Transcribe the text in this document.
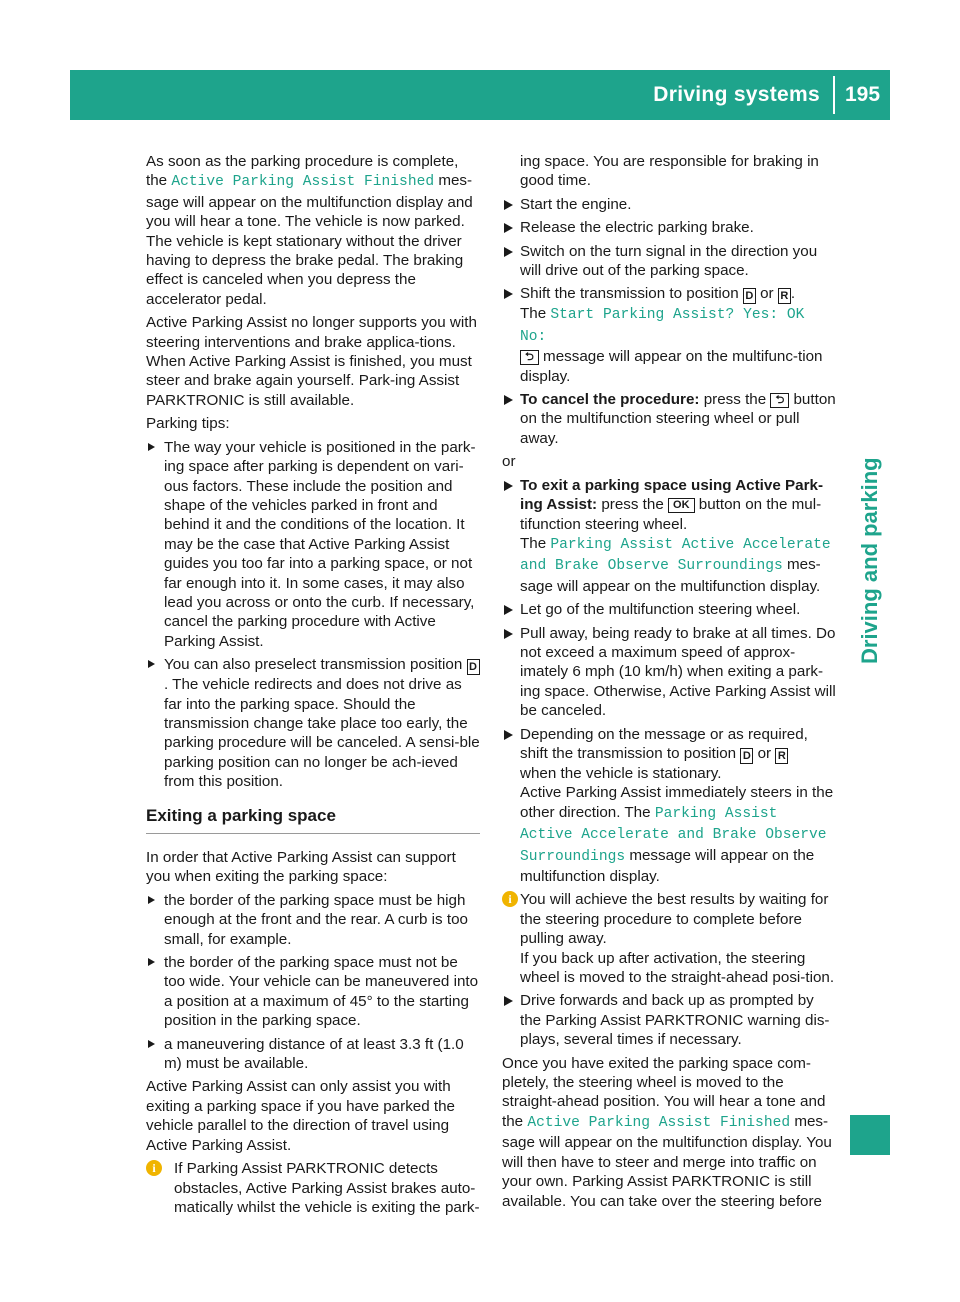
Driving systems 195
Driving and parking

As soon as the parking procedure is complete, the Active Parking Assist Finished mes-sage will appear on the multifunction display and you will hear a tone. The vehicle is now parked. The vehicle is kept stationary without the driver having to depress the brake pedal. The braking effect is canceled when you depress the accelerator pedal.

Active Parking Assist no longer supports you with steering interventions and brake applica-tions. When Active Parking Assist is finished, you must steer and brake again yourself. Park-ing Assist PARKTRONIC is still available.

Parking tips:

The way your vehicle is positioned in the park-ing space after parking is dependent on vari-ous factors. These include the position and shape of the vehicles parked in front and behind it and the conditions of the location. It may be the case that Active Parking Assist guides you too far into a parking space, or not far enough into it. In some cases, it may also lead you across or onto the curb. If necessary, cancel the parking procedure with Active Parking Assist.
You can also preselect transmission position D. The vehicle redirects and does not drive as far into the parking space. Should the transmission change take place too early, the parking procedure will be canceled. A sensi-ble parking position can no longer be ach-ieved from this position.
Exiting a parking space

In order that Active Parking Assist can support you when exiting the parking space:

the border of the parking space must be high enough at the front and the rear. A curb is too small, for example.
the border of the parking space must not be too wide. Your vehicle can be maneuvered into a position at a maximum of 45° to the starting position in the parking space.
a maneuvering distance of at least 3.3 ft (1.0 m) must be available.

Active Parking Assist can only assist you with exiting a parking space if you have parked the vehicle parallel to the direction of travel using Active Parking Assist.

i	If Parking Assist PARKTRONIC detects obstacles, Active Parking Assist brakes auto-matically whilst the vehicle is exiting the park-

ing space. You are responsible for braking in good time.

Start the engine.
Release the electric parking brake.
Switch on the turn signal in the direction you will drive out of the parking space.
Shift the transmission to position D or R .
The Start Parking Assist? Yes: OK No:
⮌ message will appear on the multifunc-tion display.
To cancel the procedure: press the ⮌ button on the multifunction steering wheel or pull away.

or

To exit a parking space using Active Park-ing Assist: press the OK button on the mul-tifunction steering wheel.
The Parking Assist Active Accelerate and Brake Observe Surroundings mes-sage will appear on the multifunction display.
Let go of the multifunction steering wheel.
Pull away, being ready to brake at all times. Do not exceed a maximum speed of approx-imately 6 mph (10 km/h) when exiting a park-ing space. Otherwise, Active Parking Assist will be canceled.
Depending on the message or as required, shift the transmission to position D or R
when the vehicle is stationary.
Active Parking Assist immediately steers in the other direction. The Parking Assist Active Accelerate and Brake Observe Surroundings message will appear on the multifunction display.
i You will achieve the best results by waiting for the steering procedure to complete before pulling away.
If you back up after activation, the steering wheel is moved to the straight-ahead posi-tion.
Drive forwards and back up as prompted by the Parking Assist PARKTRONIC warning dis-plays, several times if necessary.

Once you have exited the parking space com-pletely, the steering wheel is moved to the straight-ahead position. You will hear a tone and the Active Parking Assist Finished mes-sage will appear on the multifunction display. You will then have to steer and merge into traffic on your own. Parking Assist PARKTRONIC is still available. You can take over the steering before
